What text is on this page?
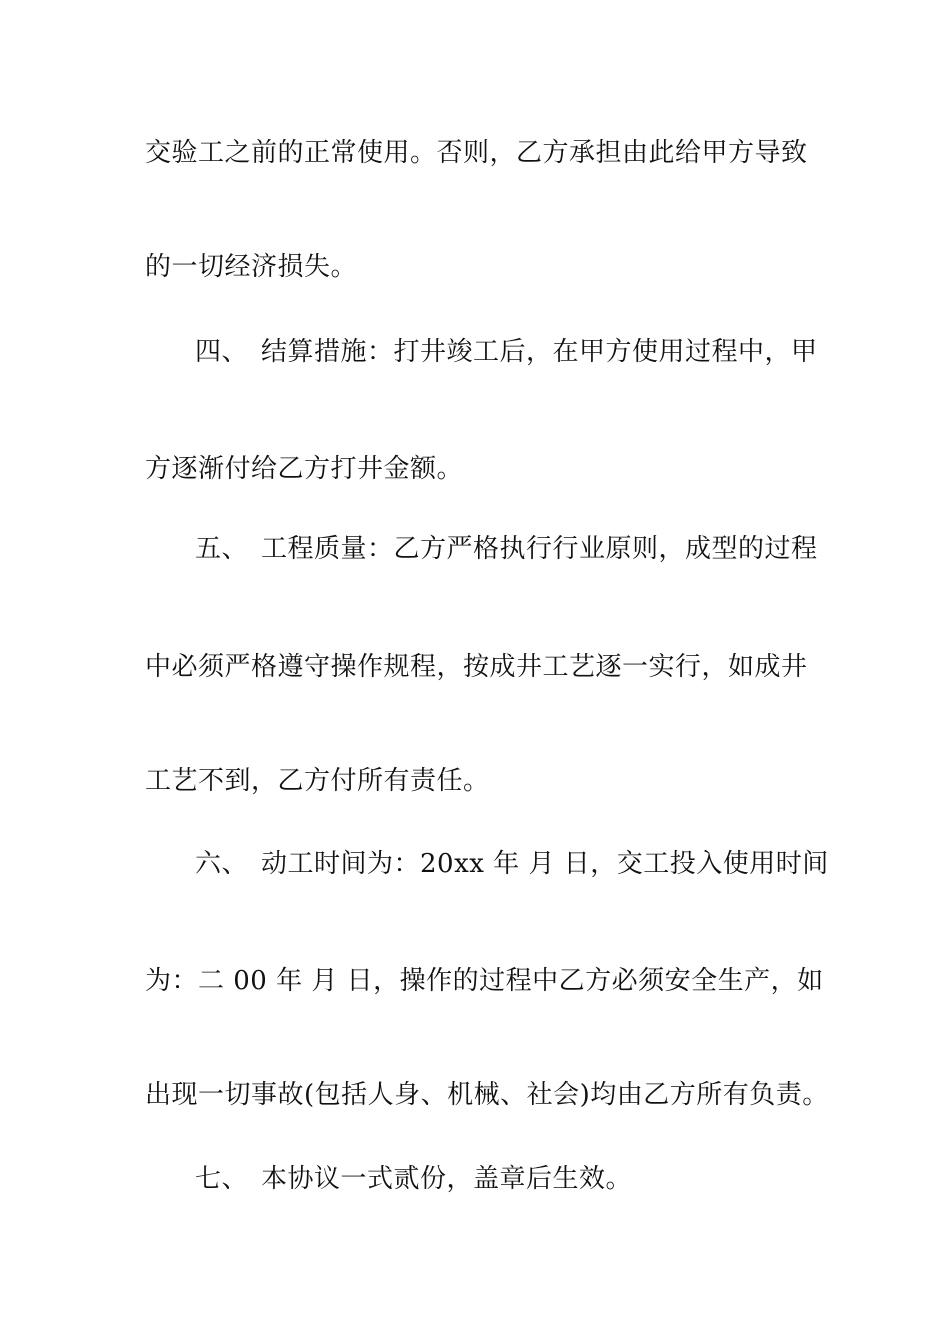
交验工之前的正常使用。否则，乙方承担由此给甲方导致
的一切经济损失。
四、 结算措施：打井竣工后，在甲方使用过程中，甲
方逐渐付给乙方打井金额。
五、 工程质量：乙方严格执行行业原则，成型的过程
中必须严格遵守操作规程，按成井工艺逐一实行，如成井
工艺不到，乙方付所有责任。
六、 动工时间为：20xx 年 月 日，交工投入使用时间
为：二 00 年 月 日，操作的过程中乙方必须安全生产，如
出现一切事故(包括人身、机械、社会)均由乙方所有负责。
七、 本协议一式贰份，盖章后生效。
